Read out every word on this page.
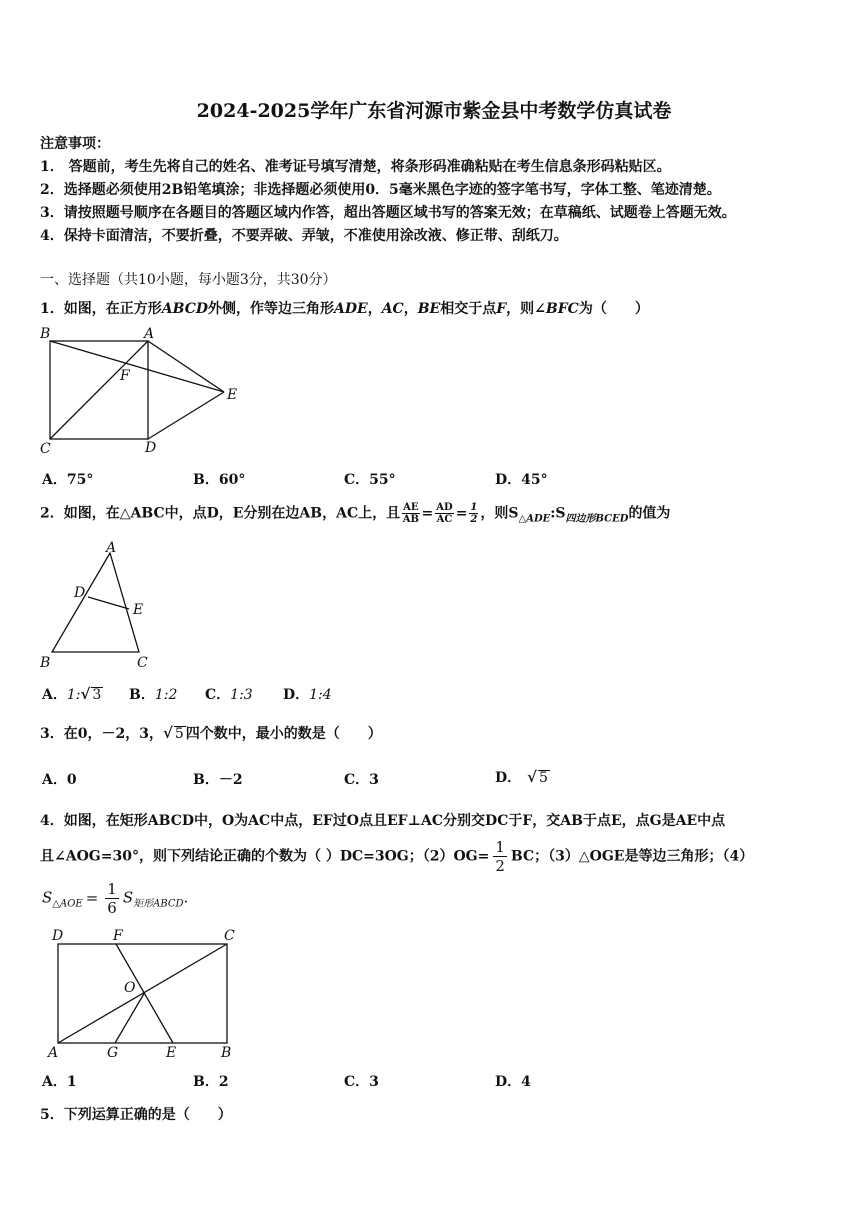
2024-2025学年广东省河源市紫金县中考数学仿真试卷
注意事项：
1． 答题前，考生先将自己的姓名、准考证号填写清楚，将条形码准确粘贴在考生信息条形码粘贴区。
2．选择题必须使用2B铅笔填涂；非选择题必须使用0．5毫米黑色字迹的签字笔书写，字体工整、笔迹清楚。
3．请按照题号顺序在各题目的答题区域内作答，超出答题区域书写的答案无效；在草稿纸、试题卷上答题无效。
4．保持卡面清洁，不要折叠，不要弄破、弄皱，不准使用涂改液、修正带、刮纸刀。
一、选择题（共10小题，每小题3分，共30分）
1．如图，在正方形ABCD外侧，作等边三角形ADE，AC，BE相交于点F，则∠BFC为（　　）
B	A
F
E
C	D
A．75°	B．60°	C．55°	D．45°
2．如图，在△ABC中，点D，E分别在边AB，AC上，且 $\frac{AE}{AB} = \frac{AD}{AC} = \frac{1}{2}$ ，则$S_{\triangle ADE}:S_{四边形BCED}$的值为
A
D
E
B	C
A．1:√ 3 B．1:2 C．1:3 D．1:4
3．在0，－2，3，√ 5 四个数中，最小的数是（　　）
A．0	B．－2	C．3	D． √ 5
4．如图，在矩形ABCD中，O为AC中点，EF过O点且EF⊥AC分别交DC于F，交AB于点E，点G是AE中点
且∠AOG=30°，则下列结论正确的个数为（ ）DC=3OG；$(2)OG= \frac{1}{2}$ BC；（3）△OGE是等边三角形；（4）
$S_{\triangle AOE} = \frac{1}{6} S_{矩形ABCD}$.
D	F	C
O
A	G	E	B
A．1	B．2	C．3	D．4
5．下列运算正确的是（　　）
